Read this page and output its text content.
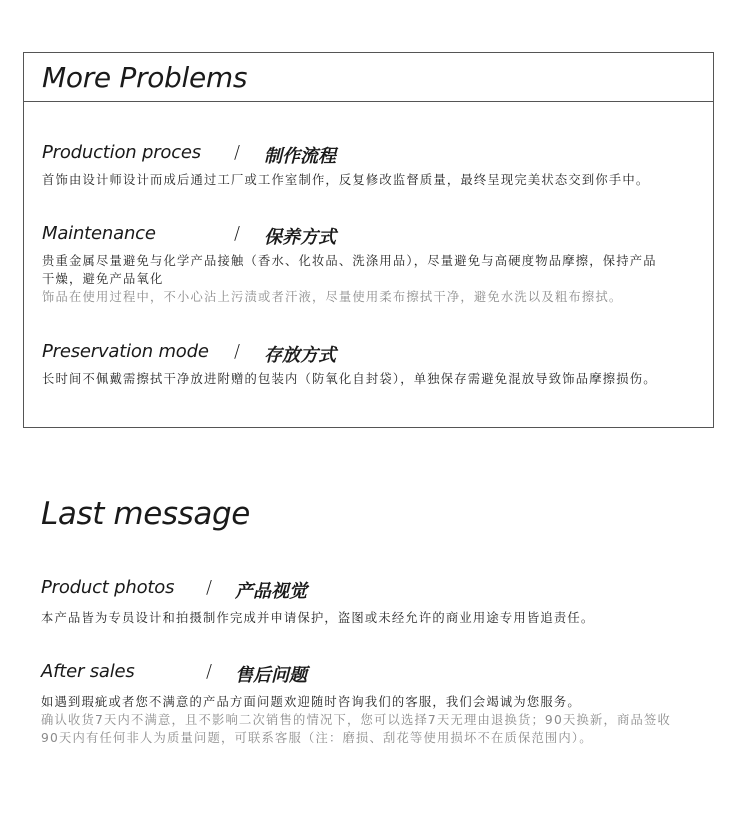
More Problems
Production proces / 制作流程
首饰由设计师设计而成后通过工厂或工作室制作，反复修改监督质量，最终呈现完美状态交到你手中。
Maintenance	/ 保养方式
贵重金属尽量避免与化学产品接触（香水、化妆品、洗涤用品），尽量避免与高硬度物品摩擦，保持产品
干燥，避免产品氧化
饰品在使用过程中，不小心沾上污渍或者汗液，尽量使用柔布擦拭干净，避免水洗以及粗布擦拭。
Preservation mode / 存放方式
长时间不佩戴需擦拭干净放进附赠的包装内（防氧化自封袋），单独保存需避免混放导致饰品摩擦损伤。
Last message
Product photos / 产品视觉
本产品皆为专员设计和拍摄制作完成并申请保护，盗图或未经允许的商业用途专用皆追责任。
After sales	/ 售后问题
如遇到瑕疵或者您不满意的产品方面问题欢迎随时咨询我们的客服，我们会竭诚为您服务。
确认收货7天内不满意，且不影响二次销售的情况下，您可以选择7天无理由退换货；90天换新，商品签收
90天内有任何非人为质量问题，可联系客服（注：磨损、刮花等使用损坏不在质保范围内）。
